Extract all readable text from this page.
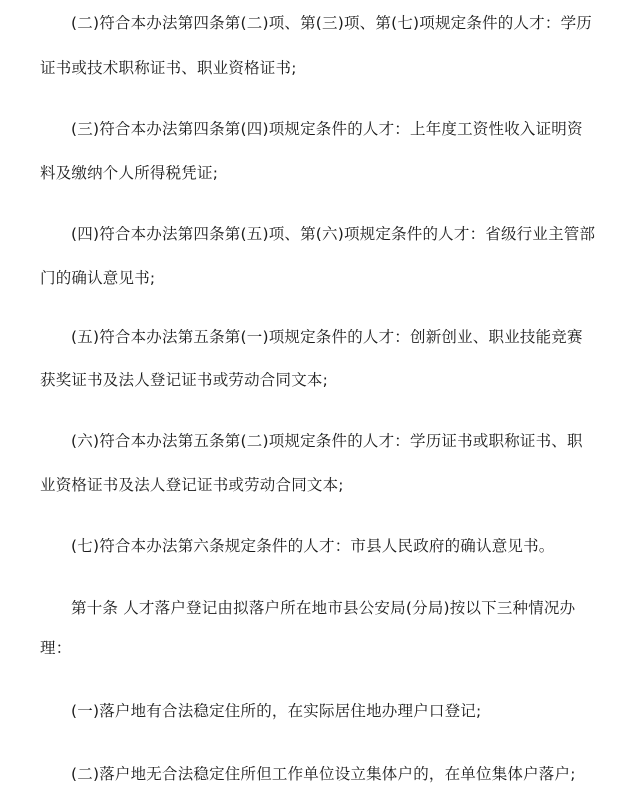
(二)符合本办法第四条第(二)项、第(三)项、第(七)项规定条件的人才：学历
证书或技术职称证书、职业资格证书;
(三)符合本办法第四条第(四)项规定条件的人才：上年度工资性收入证明资
料及缴纳个人所得税凭证;
(四)符合本办法第四条第(五)项、第(六)项规定条件的人才：省级行业主管部
门的确认意见书;
(五)符合本办法第五条第(一)项规定条件的人才：创新创业、职业技能竞赛
获奖证书及法人登记证书或劳动合同文本;
(六)符合本办法第五条第(二)项规定条件的人才：学历证书或职称证书、职
业资格证书及法人登记证书或劳动合同文本;
(七)符合本办法第六条规定条件的人才：市县人民政府的确认意见书。
第十条 人才落户登记由拟落户所在地市县公安局(分局)按以下三种情况办
理：
(一)落户地有合法稳定住所的，在实际居住地办理户口登记;
(二)落户地无合法稳定住所但工作单位设立集体户的，在单位集体户落户;
